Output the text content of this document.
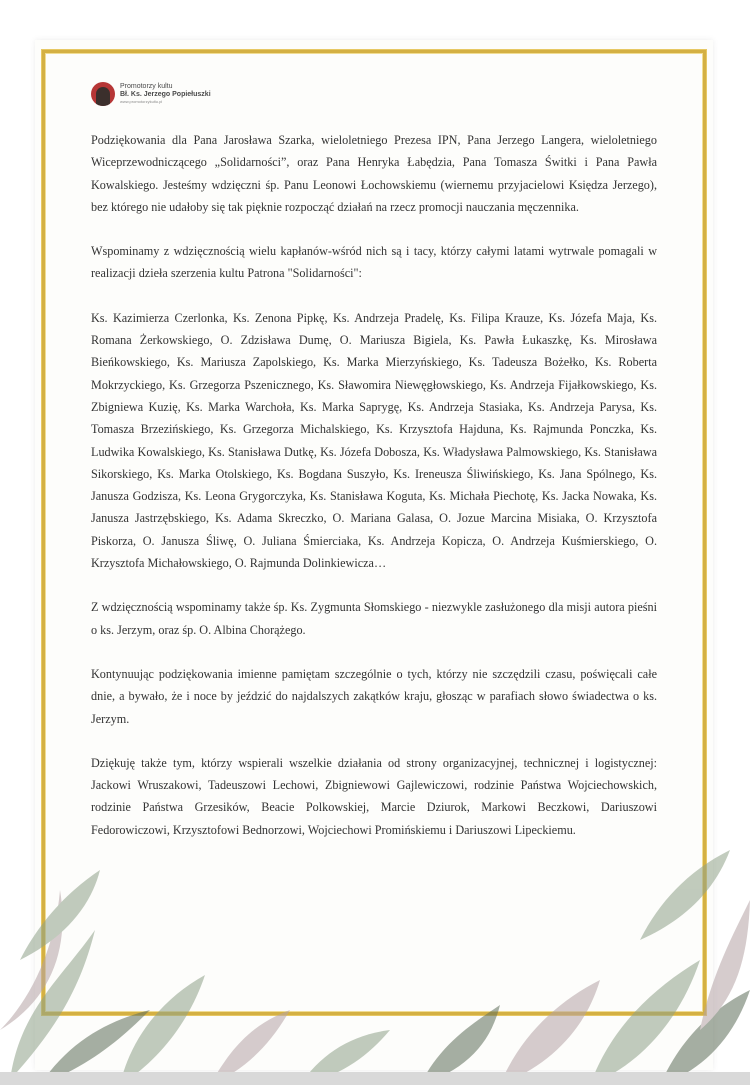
Promotorzy kultu
Bł. Ks. Jerzego Popiełuszki
www.promotorzykultu.pl

Podziękowania dla Pana Jarosława Szarka, wieloletniego Prezesa IPN, Pana Jerzego Langera, wieloletniego Wiceprzewodniczącego „Solidarności”, oraz Pana Henryka Łabędzia, Pana Tomasza Świtki i Pana Pawła Kowalskiego. Jesteśmy wdzięczni śp. Panu Leonowi Łochowskiemu (wiernemu przyjacielowi Księdza Jerzego), bez którego nie udałoby się tak pięknie rozpocząć działań na rzecz promocji nauczania męczennika.

Wspominamy z wdzięcznością wielu kapłanów-wśród nich są i tacy, którzy całymi latami wytrwale pomagali w realizacji dzieła szerzenia kultu Patrona "Solidarności":

Ks. Kazimierza Czerlonka, Ks. Zenona Pipkę, Ks. Andrzeja Pradelę, Ks. Filipa Krauze, Ks. Józefa Maja, Ks. Romana Żerkowskiego, O. Zdzisława Dumę, O. Mariusza Bigiela, Ks. Pawła Łukaszkę, Ks. Mirosława Bieńkowskiego, Ks. Mariusza Zapolskiego, Ks. Marka Mierzyńskiego, Ks. Tadeusza Bożełko, Ks. Roberta Mokrzyckiego, Ks. Grzegorza Pszenicznego, Ks. Sławomira Niewęgłowskiego, Ks. Andrzeja Fijałkowskiego, Ks. Zbigniewa Kuzię, Ks. Marka Warchoła, Ks. Marka Saprygę, Ks. Andrzeja Stasiaka, Ks. Andrzeja Parysa, Ks. Tomasza Brzezińskiego, Ks. Grzegorza Michalskiego, Ks. Krzysztofa Hajduna, Ks. Rajmunda Ponczka, Ks. Ludwika Kowalskiego, Ks. Stanisława Dutkę, Ks. Józefa Dobosza, Ks. Władysława Palmowskiego, Ks. Stanisława Sikorskiego, Ks. Marka Otolskiego, Ks. Bogdana Suszyło, Ks. Ireneusza Śliwińskiego, Ks. Jana Spólnego, Ks. Janusza Godzisza, Ks. Leona Grygorczyka, Ks. Stanisława Koguta, Ks. Michała Piechotę, Ks. Jacka Nowaka, Ks. Janusza Jastrzębskiego, Ks. Adama Skreczko, O. Mariana Galasa, O. Jozue Marcina Misiaka, O. Krzysztofa Piskorza, O. Janusza Śliwę, O. Juliana Śmierciaka, Ks. Andrzeja Kopicza, O. Andrzeja Kuśmierskiego, O. Krzysztofa Michałowskiego, O. Rajmunda Dolinkiewicza…

Z wdzięcznością wspominamy także śp. Ks. Zygmunta Słomskiego - niezwykle zasłużonego dla misji autora pieśni o ks. Jerzym, oraz śp. O. Albina Chorążego.

Kontynuując podziękowania imienne pamiętam szczególnie o tych, którzy nie szczędzili czasu, poświęcali całe dnie, a bywało, że i noce by jeździć do najdalszych zakątków kraju, głosząc w parafiach słowo świadectwa o ks. Jerzym.

Dziękuję także tym, którzy wspierali wszelkie działania od strony organizacyjnej, technicznej i logistycznej: Jackowi Wruszakowi, Tadeuszowi Lechowi, Zbigniewowi Gajlewiczowi, rodzinie Państwa Wojciechowskich, rodzinie Państwa Grzesików, Beacie Polkowskiej, Marcie Dziurok, Markowi Beczkowi, Dariuszowi Fedorowiczowi, Krzysztofowi Bednorzowi, Wojciechowi Promińskiemu i Dariuszowi Lipeckiemu.
